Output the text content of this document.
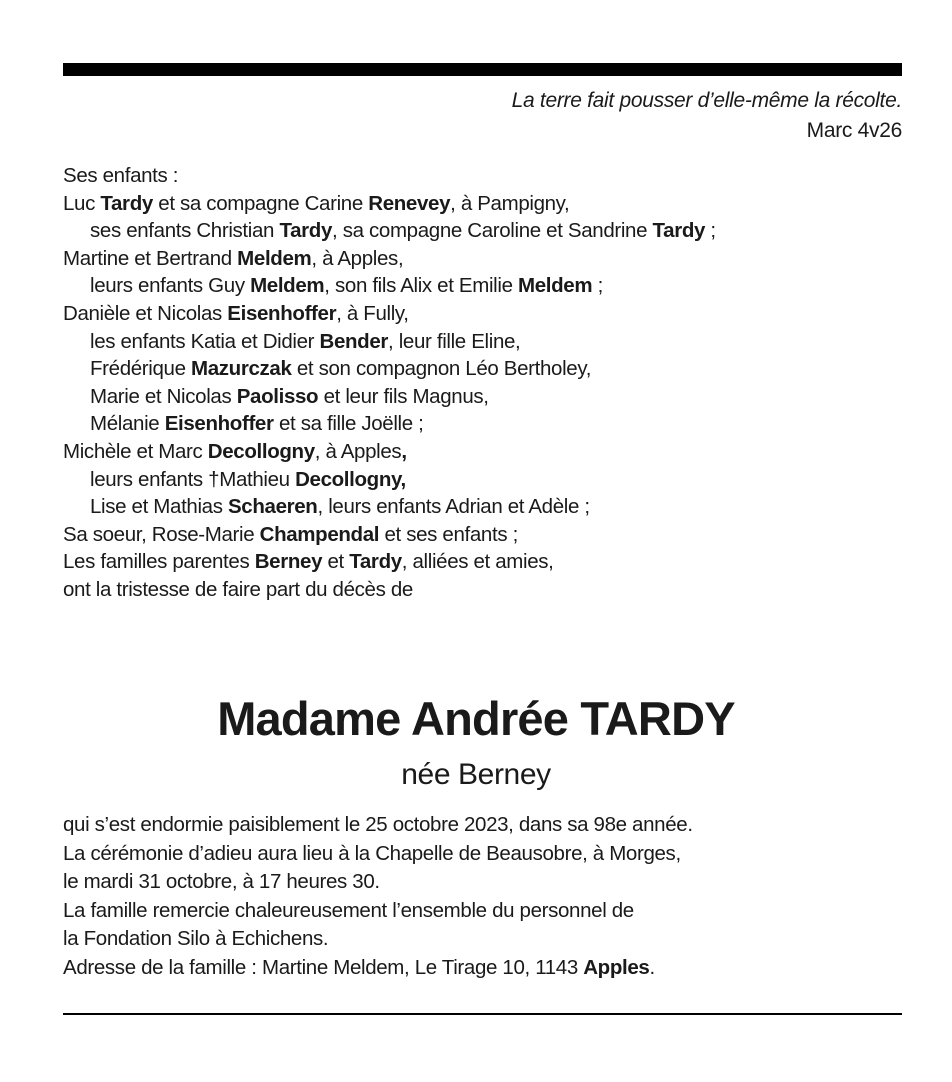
La terre fait pousser d’elle-même la récolte.
Marc 4v26
Ses enfants :
Luc Tardy et sa compagne Carine Renevey, à Pampigny,
ses enfants Christian Tardy, sa compagne Caroline et Sandrine Tardy ;
Martine et Bertrand Meldem, à Apples,
leurs enfants Guy Meldem, son fils Alix et Emilie Meldem ;
Danièle et Nicolas Eisenhoffer, à Fully,
les enfants Katia et Didier Bender, leur fille Eline,
Frédérique Mazurczak et son compagnon Léo Bertholey,
Marie et Nicolas Paolisso et leur fils Magnus,
Mélanie Eisenhoffer et sa fille Joëlle ;
Michèle et Marc Decollogny, à Apples,
leurs enfants †Mathieu Decollogny,
Lise et Mathias Schaeren, leurs enfants Adrian et Adèle ;
Sa soeur, Rose-Marie Champendal et ses enfants ;
Les familles parentes Berney et Tardy, alliées et amies,
ont la tristesse de faire part du décès de
Madame Andrée TARDY
née Berney
qui s’est endormie paisiblement le 25 octobre 2023, dans sa 98e année.
La cérémonie d’adieu aura lieu à la Chapelle de Beausobre, à Morges,
le mardi 31 octobre, à 17 heures 30.
La famille remercie chaleureusement l’ensemble du personnel de
la Fondation Silo à Echichens.
Adresse de la famille : Martine Meldem, Le Tirage 10, 1143 Apples.
